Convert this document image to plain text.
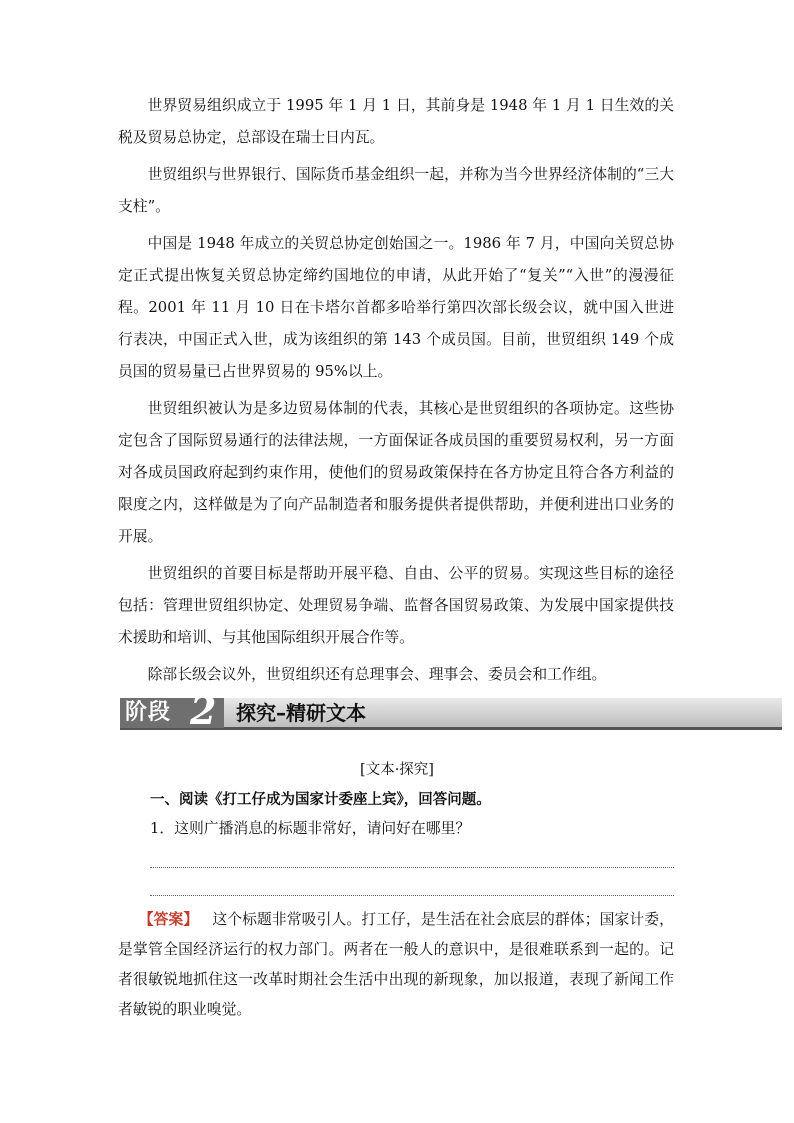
世界贸易组织成立于 1995 年 1 月 1 日，其前身是 1948 年 1 月 1 日生效的关税及贸易总协定，总部设在瑞士日内瓦。

世贸组织与世界银行、国际货币基金组织一起，并称为当今世界经济体制的“三大支柱”。

中国是 1948 年成立的关贸总协定创始国之一。1986 年 7 月，中国向关贸总协定正式提出恢复关贸总协定缔约国地位的申请，从此开始了“复关”“入世”的漫漫征程。2001 年 11 月 10 日在卡塔尔首都多哈举行第四次部长级会议，就中国入世进行表决，中国正式入世，成为该组织的第 143 个成员国。目前，世贸组织 149 个成员国的贸易量已占世界贸易的 95%以上。

世贸组织被认为是多边贸易体制的代表，其核心是世贸组织的各项协定。这些协定包含了国际贸易通行的法律法规，一方面保证各成员国的重要贸易权利，另一方面对各成员国政府起到约束作用，使他们的贸易政策保持在各方协定且符合各方利益的限度之内，这样做是为了向产品制造者和服务提供者提供帮助，并便利进出口业务的开展。

世贸组织的首要目标是帮助开展平稳、自由、公平的贸易。实现这些目标的途径包括：管理世贸组织协定、处理贸易争端、监督各国贸易政策、为发展中国家提供技术援助和培训、与其他国际组织开展合作等。

除部长级会议外，世贸组织还有总理事会、理事会、委员会和工作组。

阶段 2 探究–精研文本
[文本·探究]
一、阅读《打工仔成为国家计委座上宾》，回答问题。
1．这则广播消息的标题非常好，请问好在哪里？

【答案】 这个标题非常吸引人。打工仔，是生活在社会底层的群体；国家计委，是掌管全国经济运行的权力部门。两者在一般人的意识中，是很难联系到一起的。记者很敏锐地抓住这一改革时期社会生活中出现的新现象，加以报道，表现了新闻工作者敏锐的职业嗅觉。
